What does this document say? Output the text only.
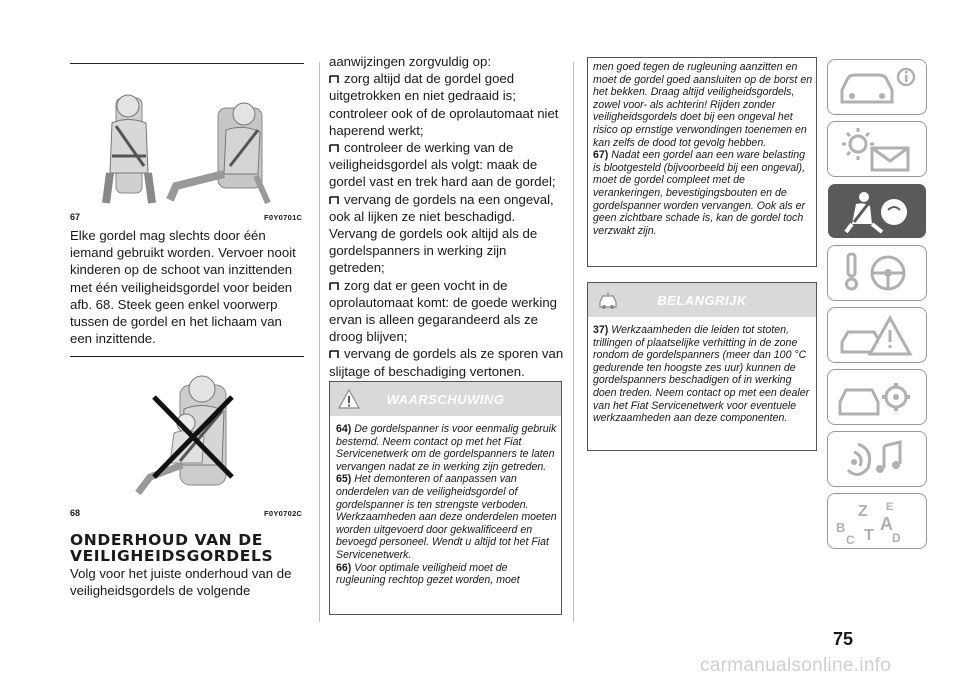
67	F0Y0701C
Elke gordel mag slechts door één iemand gebruikt worden. Vervoer nooit kinderen op de schoot van inzittenden met één veiligheidsgordel voor beiden afb. 68. Steek geen enkel voorwerp tussen de gordel en het lichaam van een inzittende.
68	F0Y0702C
ONDERHOUD VAN DE VEILIGHEIDSGORDELS
Volg voor het juiste onderhoud van de veiligheidsgordels de volgende

aanwijzingen zorgvuldig op:

zorg altijd dat de gordel goed uitgetrokken en niet gedraaid is; controleer ook of de oprolautomaat niet haperend werkt;

controleer de werking van de veiligheidsgordel als volgt: maak de gordel vast en trek hard aan de gordel;

vervang de gordels na een ongeval, ook al lijken ze niet beschadigd. Vervang de gordels ook altijd als de gordelspanners in werking zijn getreden;

zorg dat er geen vocht in de oprolautomaat komt: de goede werking ervan is alleen gegarandeerd als ze droog blijven;

vervang de gordels als ze sporen van slijtage of beschadiging vertonen.

WAARSCHUWING
64) De gordelspanner is voor eenmalig gebruik bestemd. Neem contact op met het Fiat Servicenetwerk om de gordelspanners te laten vervangen nadat ze in werking zijn getreden.
65) Het demonteren of aanpassen van onderdelen van de veiligheidsgordel of gordelspanner is ten strengste verboden. Werkzaamheden aan deze onderdelen moeten worden uitgevoerd door gekwalificeerd en bevoegd personeel. Wendt u altijd tot het Fiat Servicenetwerk.
66) Voor optimale veiligheid moet de rugleuning rechtop gezet worden, moet
men goed tegen de rugleuning aanzitten en moet de gordel goed aansluiten op de borst en het bekken. Draag altijd veiligheidsgordels, zowel voor- als achterin! Rijden zonder veiligheidsgordels doet bij een ongeval het risico op ernstige verwondingen toenemen en kan zelfs de dood tot gevolg hebben.
67) Nadat een gordel aan een ware belasting is blootgesteld (bijvoorbeeld bij een ongeval), moet de gordel compleet met de verankeringen, bevestigingsbouten en de gordelspanner worden vervangen. Ook als er geen zichtbare schade is, kan de gordel toch verzwakt zijn.
BELANGRIJK
37) Werkzaamheden die leiden tot stoten, trillingen of plaatselijke verhitting in de zone rondom de gordelspanners (meer dan 100 °C gedurende ten hoogste zes uur) kunnen de gordelspanners beschadigen of in werking doen treden. Neem contact op met een dealer van het Fiat Servicenetwerk voor eventuele werkzaamheden aan deze componenten.
Z E
A
B
C T D
75
carmanualsonline.info
